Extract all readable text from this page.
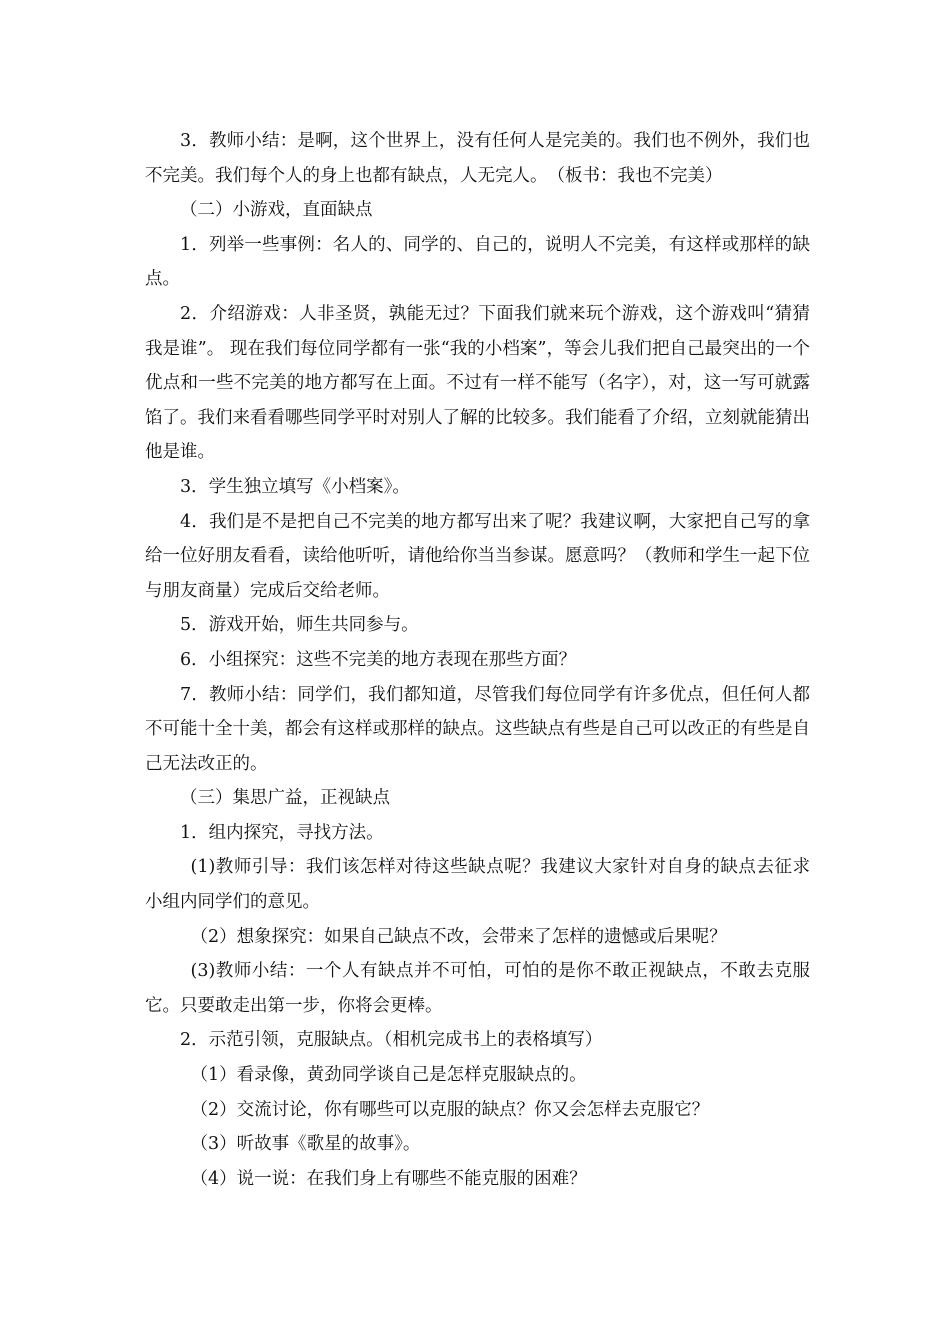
3．教师小结：是啊，这个世界上，没有任何人是完美的。我们也不例外，我们也不完美。我们每个人的身上也都有缺点，人无完人。　（板书：我也不完美）

（二）小游戏，直面缺点

1．列举一些事例：名人的、同学的、自己的，说明人不完美，有这样或那样的缺点。

2．介绍游戏：人非圣贤，孰能无过？下面我们就来玩个游戏，这个游戏叫“猜猜我是谁”。 现在我们每位同学都有一张“我的小档案”，等会儿我们把自己最突出的一个优点和一些不完美的地方都写在上面。不过有一样不能写（名字），对，这一写可就露馅了。我们来看看哪些同学平时对别人了解的比较多。我们能看了介绍，立刻就能猜出他是谁。

3．学生独立填写《小档案》。

4．我们是不是把自己不完美的地方都写出来了呢？我建议啊，大家把自己写的拿给一位好朋友看看，读给他听听，请他给你当当参谋。愿意吗？（教师和学生一起下位与朋友商量）完成后交给老师。

5．游戏开始，师生共同参与。

6．小组探究：这些不完美的地方表现在那些方面？

7．教师小结：同学们，我们都知道，尽管我们每位同学有许多优点，但任何人都不可能十全十美，都会有这样或那样的缺点。这些缺点有些是自己可以改正的有些是自己无法改正的。

（三）集思广益，正视缺点

1．组内探究，寻找方法。

(1)教师引导：我们该怎样对待这些缺点呢？我建议大家针对自身的缺点去征求小组内同学们的意见。

（2）想象探究：如果自己缺点不改，会带来了怎样的遗憾或后果呢？

(3)教师小结：一个人有缺点并不可怕，可怕的是你不敢正视缺点，不敢去克服它。只要敢走出第一步，你将会更棒。

2．示范引领，克服缺点。（相机完成书上的表格填写）

（1）看录像，黄劲同学谈自己是怎样克服缺点的。

（2）交流讨论，你有哪些可以克服的缺点？你又会怎样去克服它？

（3）听故事《歌星的故事》。

（4）说一说：在我们身上有哪些不能克服的困难？
